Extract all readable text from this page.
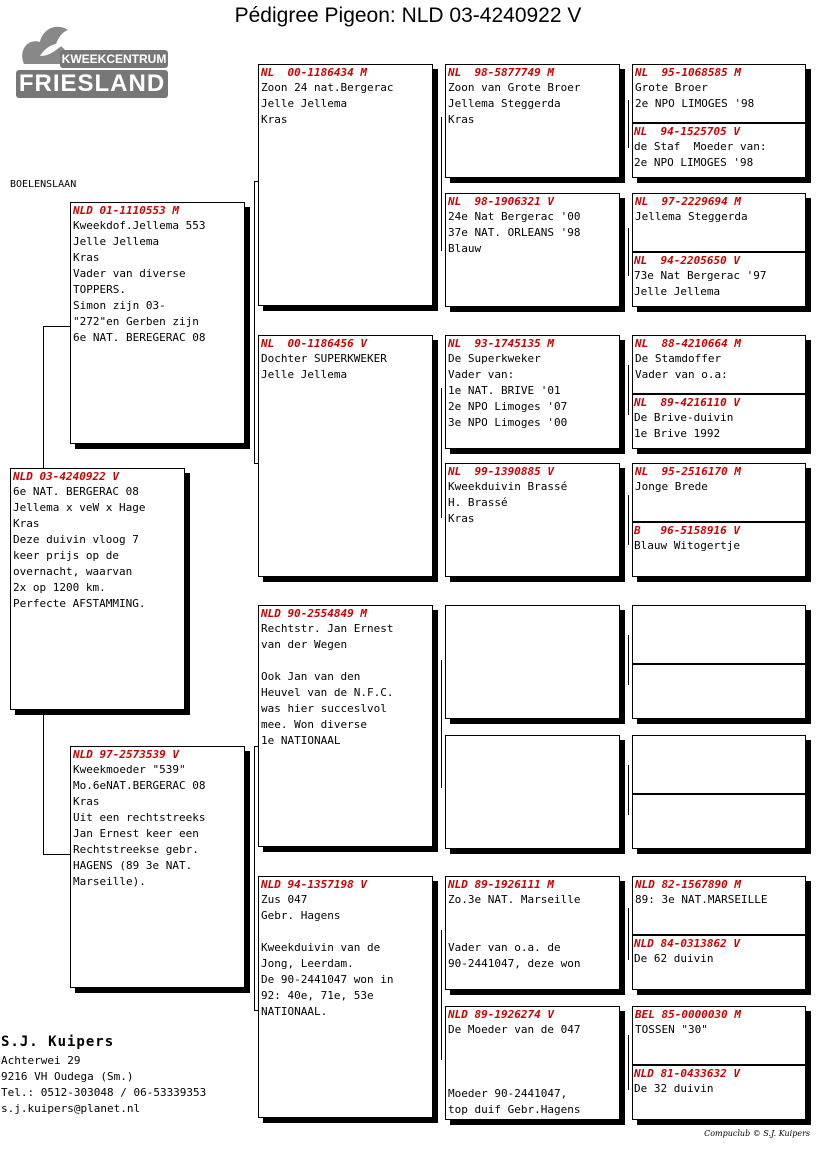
Pédigree Pigeon: NLD 03-4240922 V
KWEEKCENTRUM
FRIESLAND
BOELENSLAAN
NLD 03-4240922 V
6e NAT. BERGERAC 08
Jellema x veW x Hage
Kras
Deze duivin vloog 7
keer prijs op de
overnacht, waarvan
2x op 1200 km.
Perfecte AFSTAMMING.
NLD 01-1110553 M
Kweekdof.Jellema 553
Jelle Jellema
Kras
Vader van diverse
TOPPERS.
Simon zijn 03-
"272"en Gerben zijn
6e NAT. BEREGERAC 08
NLD 97-2573539 V
Kweekmoeder "539"
Mo.6eNAT.BERGERAC 08
Kras
Uit een rechtstreeks
Jan Ernest keer een
Rechtstreekse gebr.
HAGENS (89 3e NAT.
Marseille).
NL  00-1186434 M
Zoon 24 nat.Bergerac
Jelle Jellema
Kras
NL  00-1186456 V
Dochter SUPERKWEKER
Jelle Jellema
NLD 90-2554849 M
Rechtstr. Jan Ernest
van der Wegen

Ook Jan van den
Heuvel van de N.F.C.
was hier succeslvol
mee. Won diverse
1e NATIONAAL
NLD 94-1357198 V
Zus 047
Gebr. Hagens

Kweekduivin van de
Jong, Leerdam.
De 90-2441047 won in
92: 40e, 71e, 53e
NATIONAAL.
NL  98-5877749 M
Zoon van Grote Broer
Jellema Steggerda
Kras
NL  98-1906321 V
24e Nat Bergerac '00
37e NAT. ORLEANS '98
Blauw
NL  93-1745135 M
De Superkweker
Vader van:
1e NAT. BRIVE '01
2e NPO Limoges '07
3e NPO Limoges '00
NL  99-1390885 V
Kweekduivin Brassé
H. Brassé
Kras
NLD 89-1926111 M
Zo.3e NAT. Marseille

Vader van o.a. de
90-2441047, deze won
NLD 89-1926274 V
De Moeder van de 047

Moeder 90-2441047,
top duif Gebr.Hagens
NL  95-1068585 M
Grote Broer
2e NPO LIMOGES '98
NL  94-1525705 V
de Staf  Moeder van:
2e NPO LIMOGES '98
NL  97-2229694 M
Jellema Steggerda
NL  94-2205650 V
73e Nat Bergerac '97
Jelle Jellema
NL  88-4210664 M
De Stamdoffer
Vader van o.a:
NL  89-4216110 V
De Brive-duivin
1e Brive 1992
NL  95-2516170 M
Jonge Brede
B   96-5158916 V
Blauw Witogertje
NLD 82-1567890 M
89: 3e NAT.MARSEILLE
NLD 84-0313862 V
De 62 duivin
BEL 85-0000030 M
TOSSEN "30"
NLD 81-0433632 V
De 32 duivin
S.J. Kuipers
Achterwei 29
9216 VH Oudega (Sm.)
Tel.: 0512-303048 / 06-53339353
s.j.kuipers@planet.nl
Compuclub © S.J. Kuipers
